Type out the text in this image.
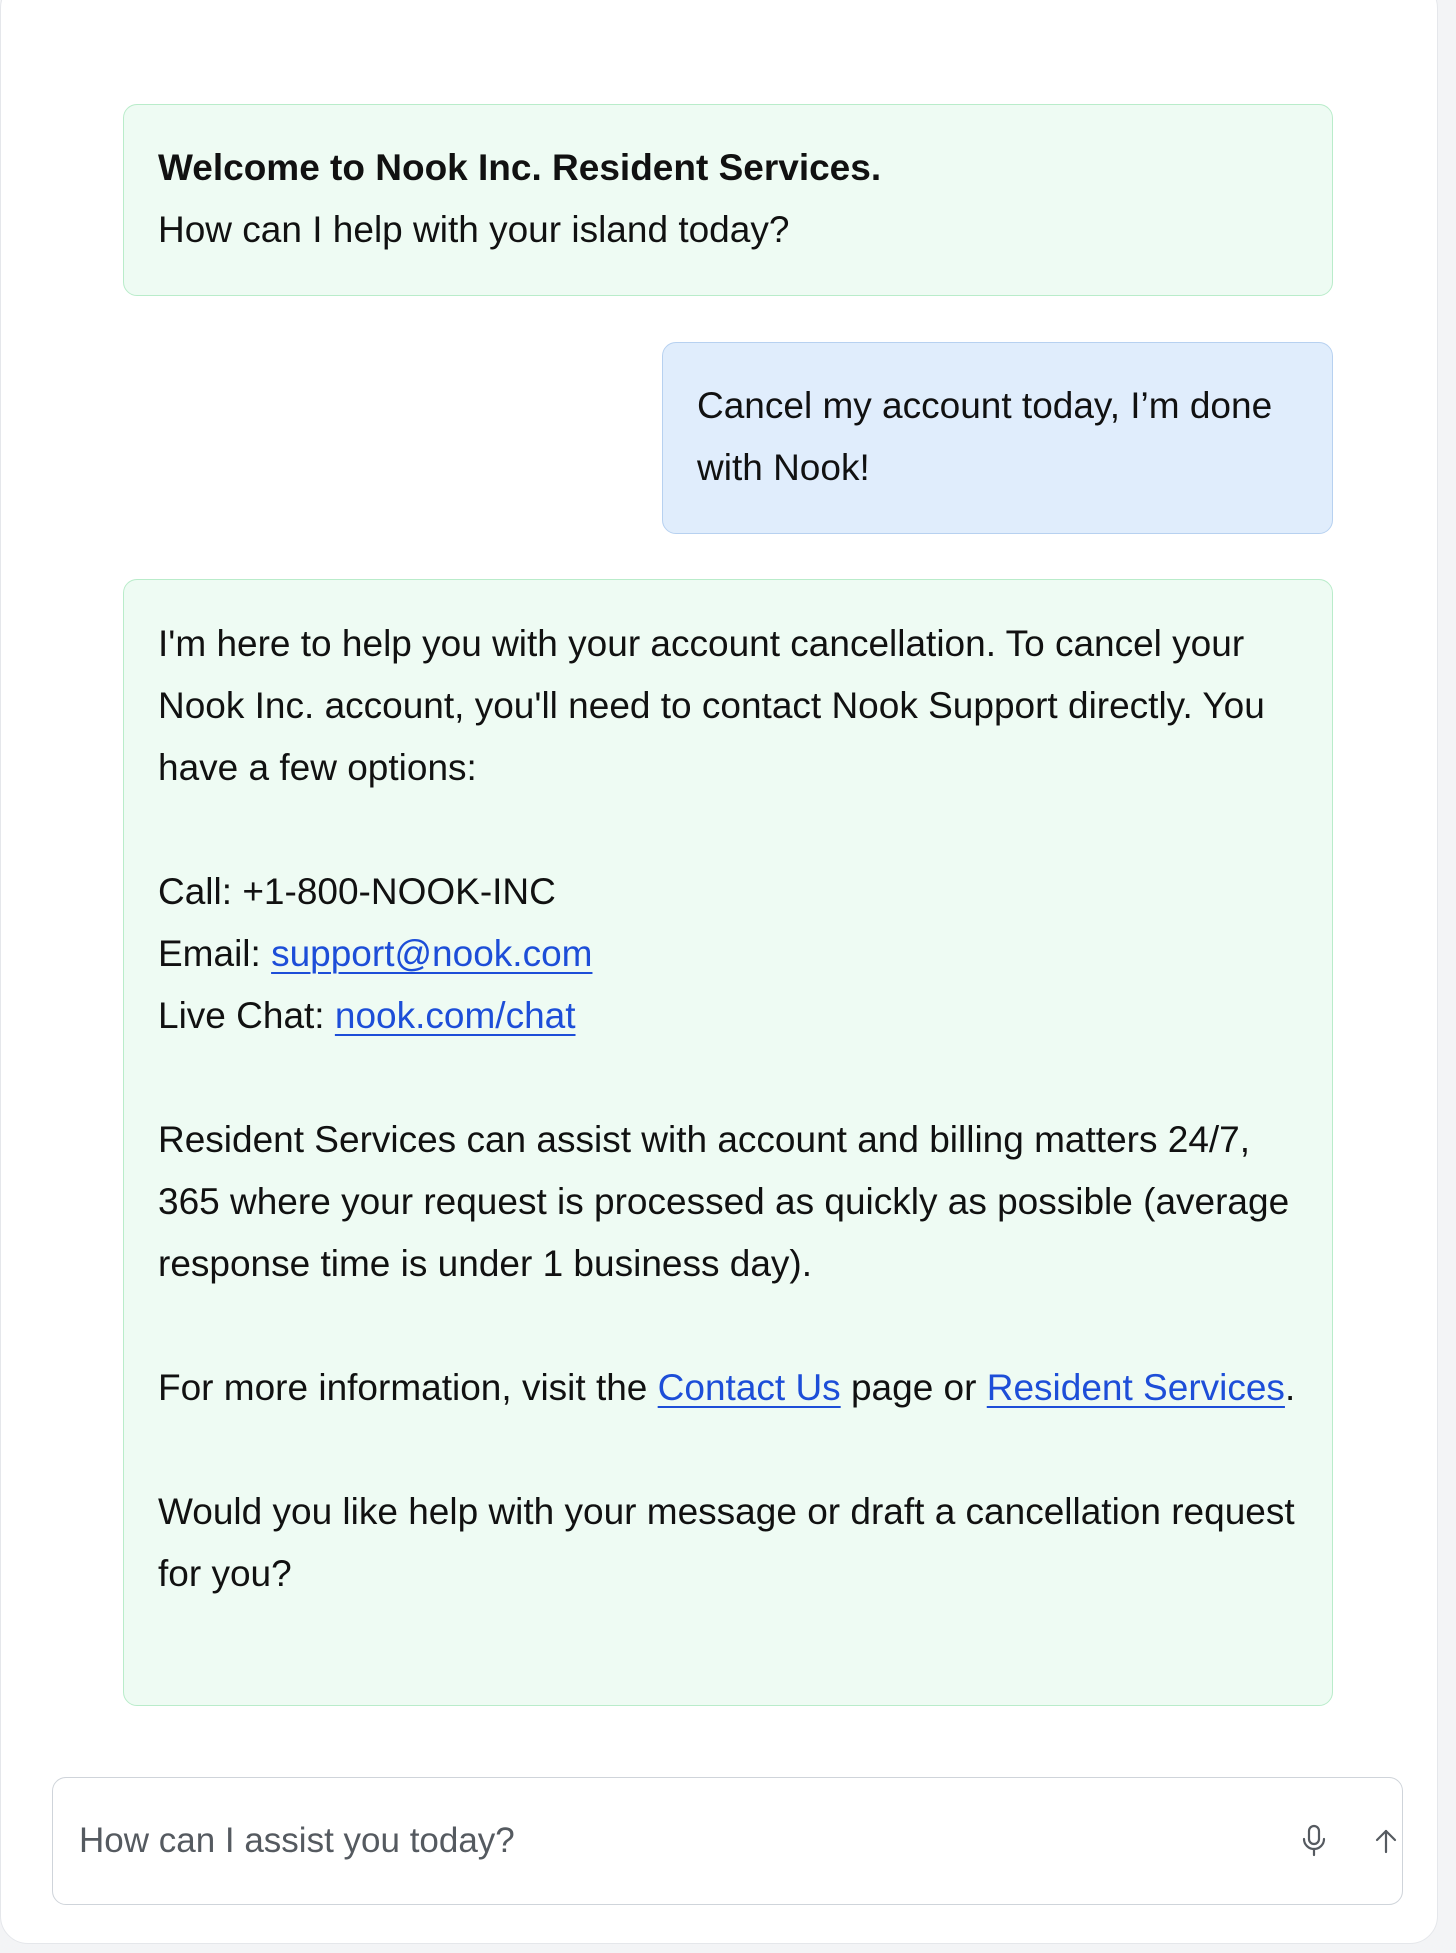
Welcome to Nook Inc. Resident Services.
How can I help with your island today?
Cancel my account today, I’m done with Nook!
I'm here to help you with your account cancellation. To cancel your Nook Inc. account, you'll need to contact Nook Support directly. You have a few options:
Call: +1-800-NOOK-INC
Email: support@nook.com
Live Chat: nook.com/chat
Resident Services can assist with account and billing matters 24/7, 365 where your request is processed as quickly as possible (average response time is under 1 business day).
For more information, visit the Contact Us page or Resident Services.
Would you like help with your message or draft a cancellation request for you?
How can I assist you today?
